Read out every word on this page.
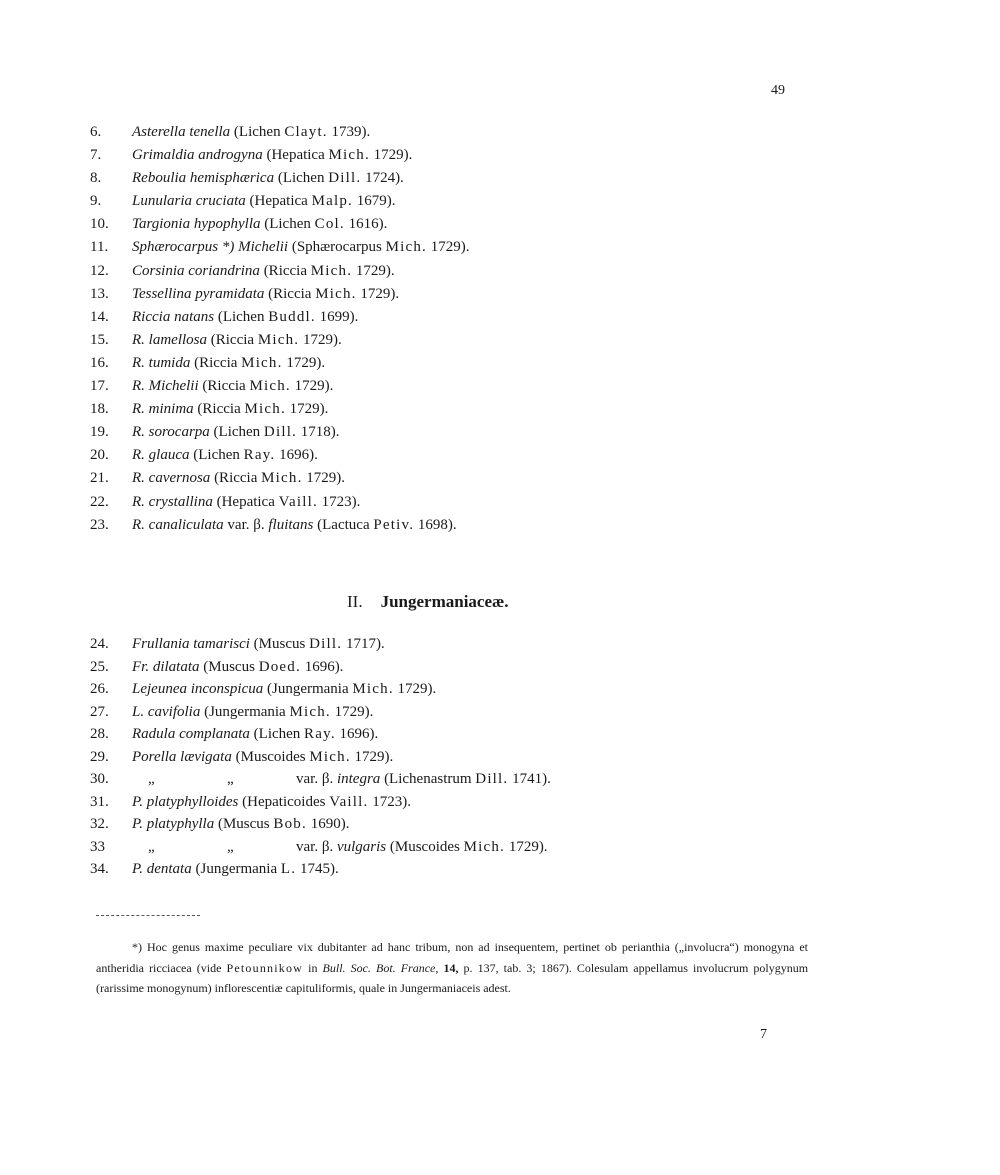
49
6. Asterella tenella (Lichen Clayt. 1739).
7. Grimaldia androgyna (Hepatica Mich. 1729).
8. Reboulia hemisphærica (Lichen Dill. 1724).
9. Lunularia cruciata (Hepatica Malp. 1679).
10. Targionia hypophylla (Lichen Col. 1616).
11. Sphærocarpus *) Michelii (Sphærocarpus Mich. 1729).
12. Corsinia coriandrina (Riccia Mich. 1729).
13. Tessellina pyramidata (Riccia Mich. 1729).
14. Riccia natans (Lichen Buddl. 1699).
15. R. lamellosa (Riccia Mich. 1729).
16. R. tumida (Riccia Mich. 1729).
17. R. Michelii (Riccia Mich. 1729).
18. R. minima (Riccia Mich. 1729).
19. R. sorocarpa (Lichen Dill. 1718).
20. R. glauca (Lichen Ray. 1696).
21. R. cavernosa (Riccia Mich. 1729).
22. R. crystallina (Hepatica Vaill. 1723).
23. R. canaliculata var. β. fluitans (Lactuca Petiv. 1698).
II. Jungermaniaceæ.
24. Frullania tamarisci (Muscus Dill. 1717).
25. Fr. dilatata (Muscus Doed. 1696).
26. Lejeunea inconspicua (Jungermania Mich. 1729).
27. L. cavifolia (Jungermania Mich. 1729).
28. Radula complanata (Lichen Ray. 1696).
29. Porella lævigata (Muscoides Mich. 1729).
30.	„	„	var. β. integra (Lichenastrum Dill. 1741).
31. P. platyphylloides (Hepaticoides Vaill. 1723).
32. P. platyphylla (Muscus Bob. 1690).
33	„	„	var. β. vulgaris (Muscoides Mich. 1729).
34. P. dentata (Jungermania L. 1745).
*) Hoc genus maxime peculiare vix dubitanter ad hanc tribum, non ad insequentem, pertinet ob perianthia („involucra“) monogyna et antheridia ricciacea (vide Petounnikow in Bull. Soc. Bot. France, 14, p. 137, tab. 3; 1867). Colesulam appellamus involucrum polygynum (rarissime monogynum) inflorescentiæ capituliformis, quale in Jungermaniaceis adest.
7
